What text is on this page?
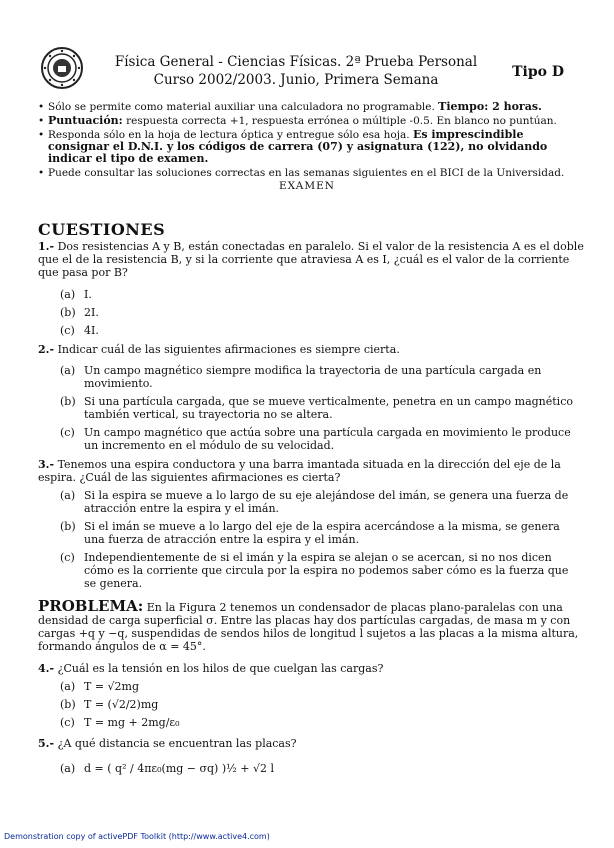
Física General - Ciencias Físicas. 2ª Prueba Personal
Curso 2002/2003. Junio, Primera Semana	Tipo D
• Sólo se permite como material auxiliar una calculadora no programable. Tiempo: 2 horas.
• Puntuación: respuesta correcta +1, respuesta errónea o múltiple -0.5. En blanco no puntúan.
• Responda sólo en la hoja de lectura óptica y entregue sólo esa hoja. Es imprescindible consignar el D.N.I. y los códigos de carrera (07) y asignatura (122), no olvidando indicar el tipo de examen.
• Puede consultar las soluciones correctas en las semanas siguientes en el BICI de la Universidad.
EXAMEN
CUESTIONES
1.- Dos resistencias A y B, están conectadas en paralelo. Si el valor de la resistencia A es el doble que el de la resistencia B, y si la corriente que atraviesa A es I, ¿cuál es el valor de la corriente que pasa por B?
(a) I.
(b) 2I.
(c) 4I.
2.- Indicar cuál de las siguientes afirmaciones es siempre cierta.
(a) Un campo magnético siempre modifica la trayectoria de una partícula cargada en movimiento.
(b) Si una partícula cargada, que se mueve verticalmente, penetra en un campo magnético también vertical, su trayectoria no se altera.
(c) Un campo magnético que actúa sobre una partícula cargada en movimiento le produce un incremento en el módulo de su velocidad.
3.- Tenemos una espira conductora y una barra imantada situada en la dirección del eje de la espira. ¿Cuál de las siguientes afirmaciones es cierta?
(a) Si la espira se mueve a lo largo de su eje alejándose del imán, se genera una fuerza de atracción entre la espira y el imán.
(b) Si el imán se mueve a lo largo del eje de la espira acercándose a la misma, se genera una fuerza de atracción entre la espira y el imán.
(c) Independientemente de si el imán y la espira se alejan o se acercan, si no nos dicen cómo es la corriente que circula por la espira no podemos saber cómo es la fuerza que se genera.
PROBLEMA: En la Figura 2 tenemos un condensador de placas plano-paralelas con una densidad de carga superficial σ. Entre las placas hay dos partículas cargadas, de masa m y con cargas +q y −q, suspendidas de sendos hilos de longitud l sujetos a las placas a la misma altura, formando ángulos de α = 45°.
4.- ¿Cuál es la tensión en los hilos de que cuelgan las cargas?
(a) T = √2mg
(b) T = (√2/2)mg
(c) T = mg + 2mg/ε₀
5.- ¿A qué distancia se encuentran las placas?
(a) d = ( q² / 4πε₀(mg − σq) )½ + √2 l
Demonstration copy of activePDF Toolkit (http://www.active4.com)
